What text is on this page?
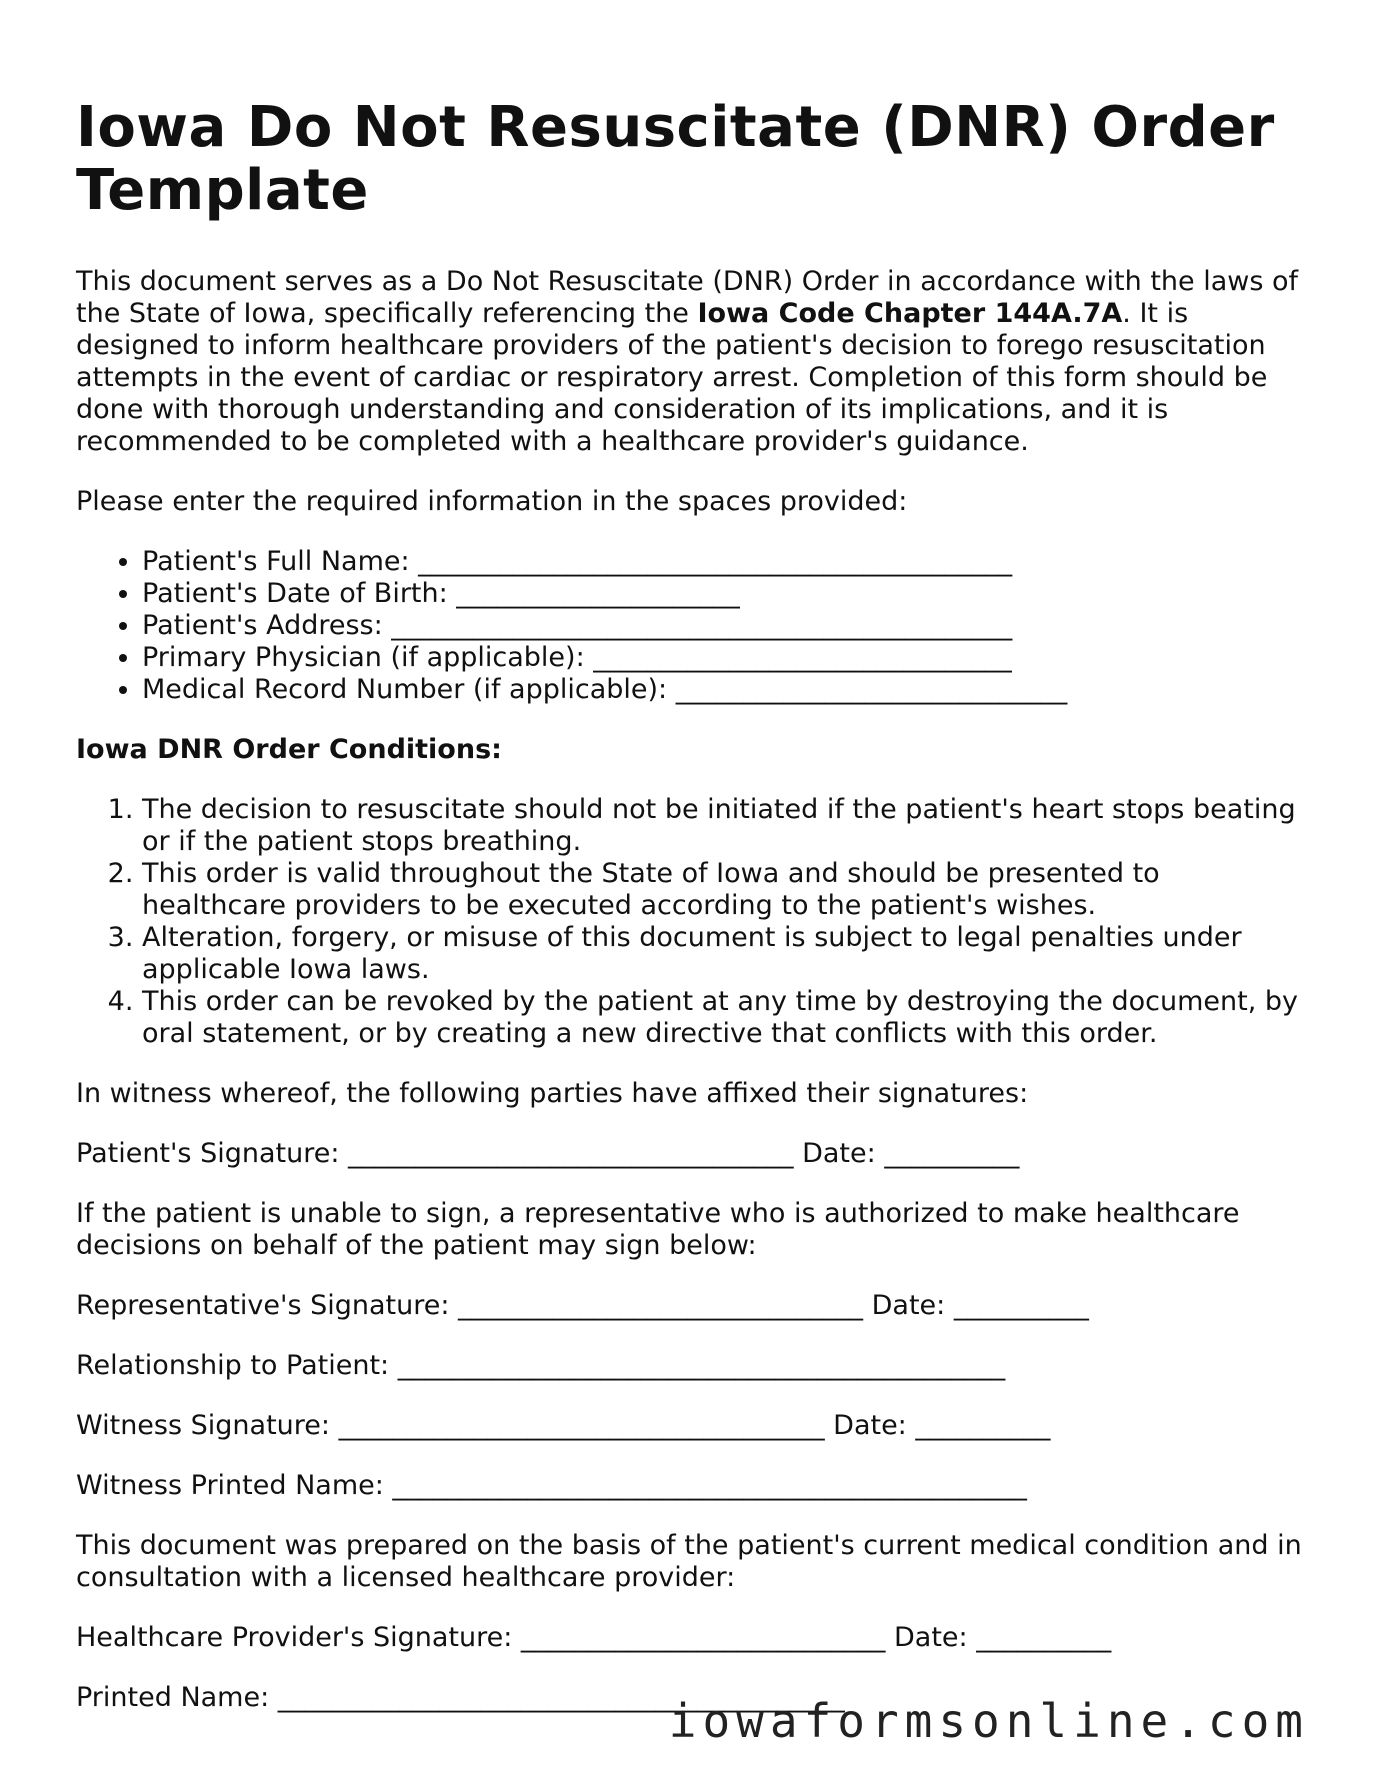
Iowa Do Not Resuscitate (DNR) Order Template

This document serves as a Do Not Resuscitate (DNR) Order in accordance with the laws of the State of Iowa, specifically referencing the Iowa Code Chapter 144A.7A. It is designed to inform healthcare providers of the patient's decision to forego resuscitation attempts in the event of cardiac or respiratory arrest. Completion of this form should be done with thorough understanding and consideration of its implications, and it is recommended to be completed with a healthcare provider's guidance.

Please enter the required information in the spaces provided:

• Patient's Full Name: ____________________________________________
• Patient's Date of Birth: _____________________
• Patient's Address: ______________________________________________
• Primary Physician (if applicable): _______________________________
• Medical Record Number (if applicable): _____________________________
Iowa DNR Order Conditions:
1. The decision to resuscitate should not be initiated if the patient's heart stops beating or if the patient stops breathing.
2. This order is valid throughout the State of Iowa and should be presented to healthcare providers to be executed according to the patient's wishes.
3. Alteration, forgery, or misuse of this document is subject to legal penalties under applicable Iowa laws.
4. This order can be revoked by the patient at any time by destroying the document, by oral statement, or by creating a new directive that conflicts with this order.

In witness whereof, the following parties have affixed their signatures:

Patient's Signature: _________________________________ Date: __________

If the patient is unable to sign, a representative who is authorized to make healthcare decisions on behalf of the patient may sign below:

Representative's Signature: ______________________________ Date: __________
Relationship to Patient: _____________________________________________
Witness Signature: ____________________________________ Date: __________
Witness Printed Name: _______________________________________________

This document was prepared on the basis of the patient's current medical condition and in consultation with a licensed healthcare provider:

Healthcare Provider's Signature: ___________________________ Date: __________
Printed Name: __________________________________________
iowaformsonline.com
